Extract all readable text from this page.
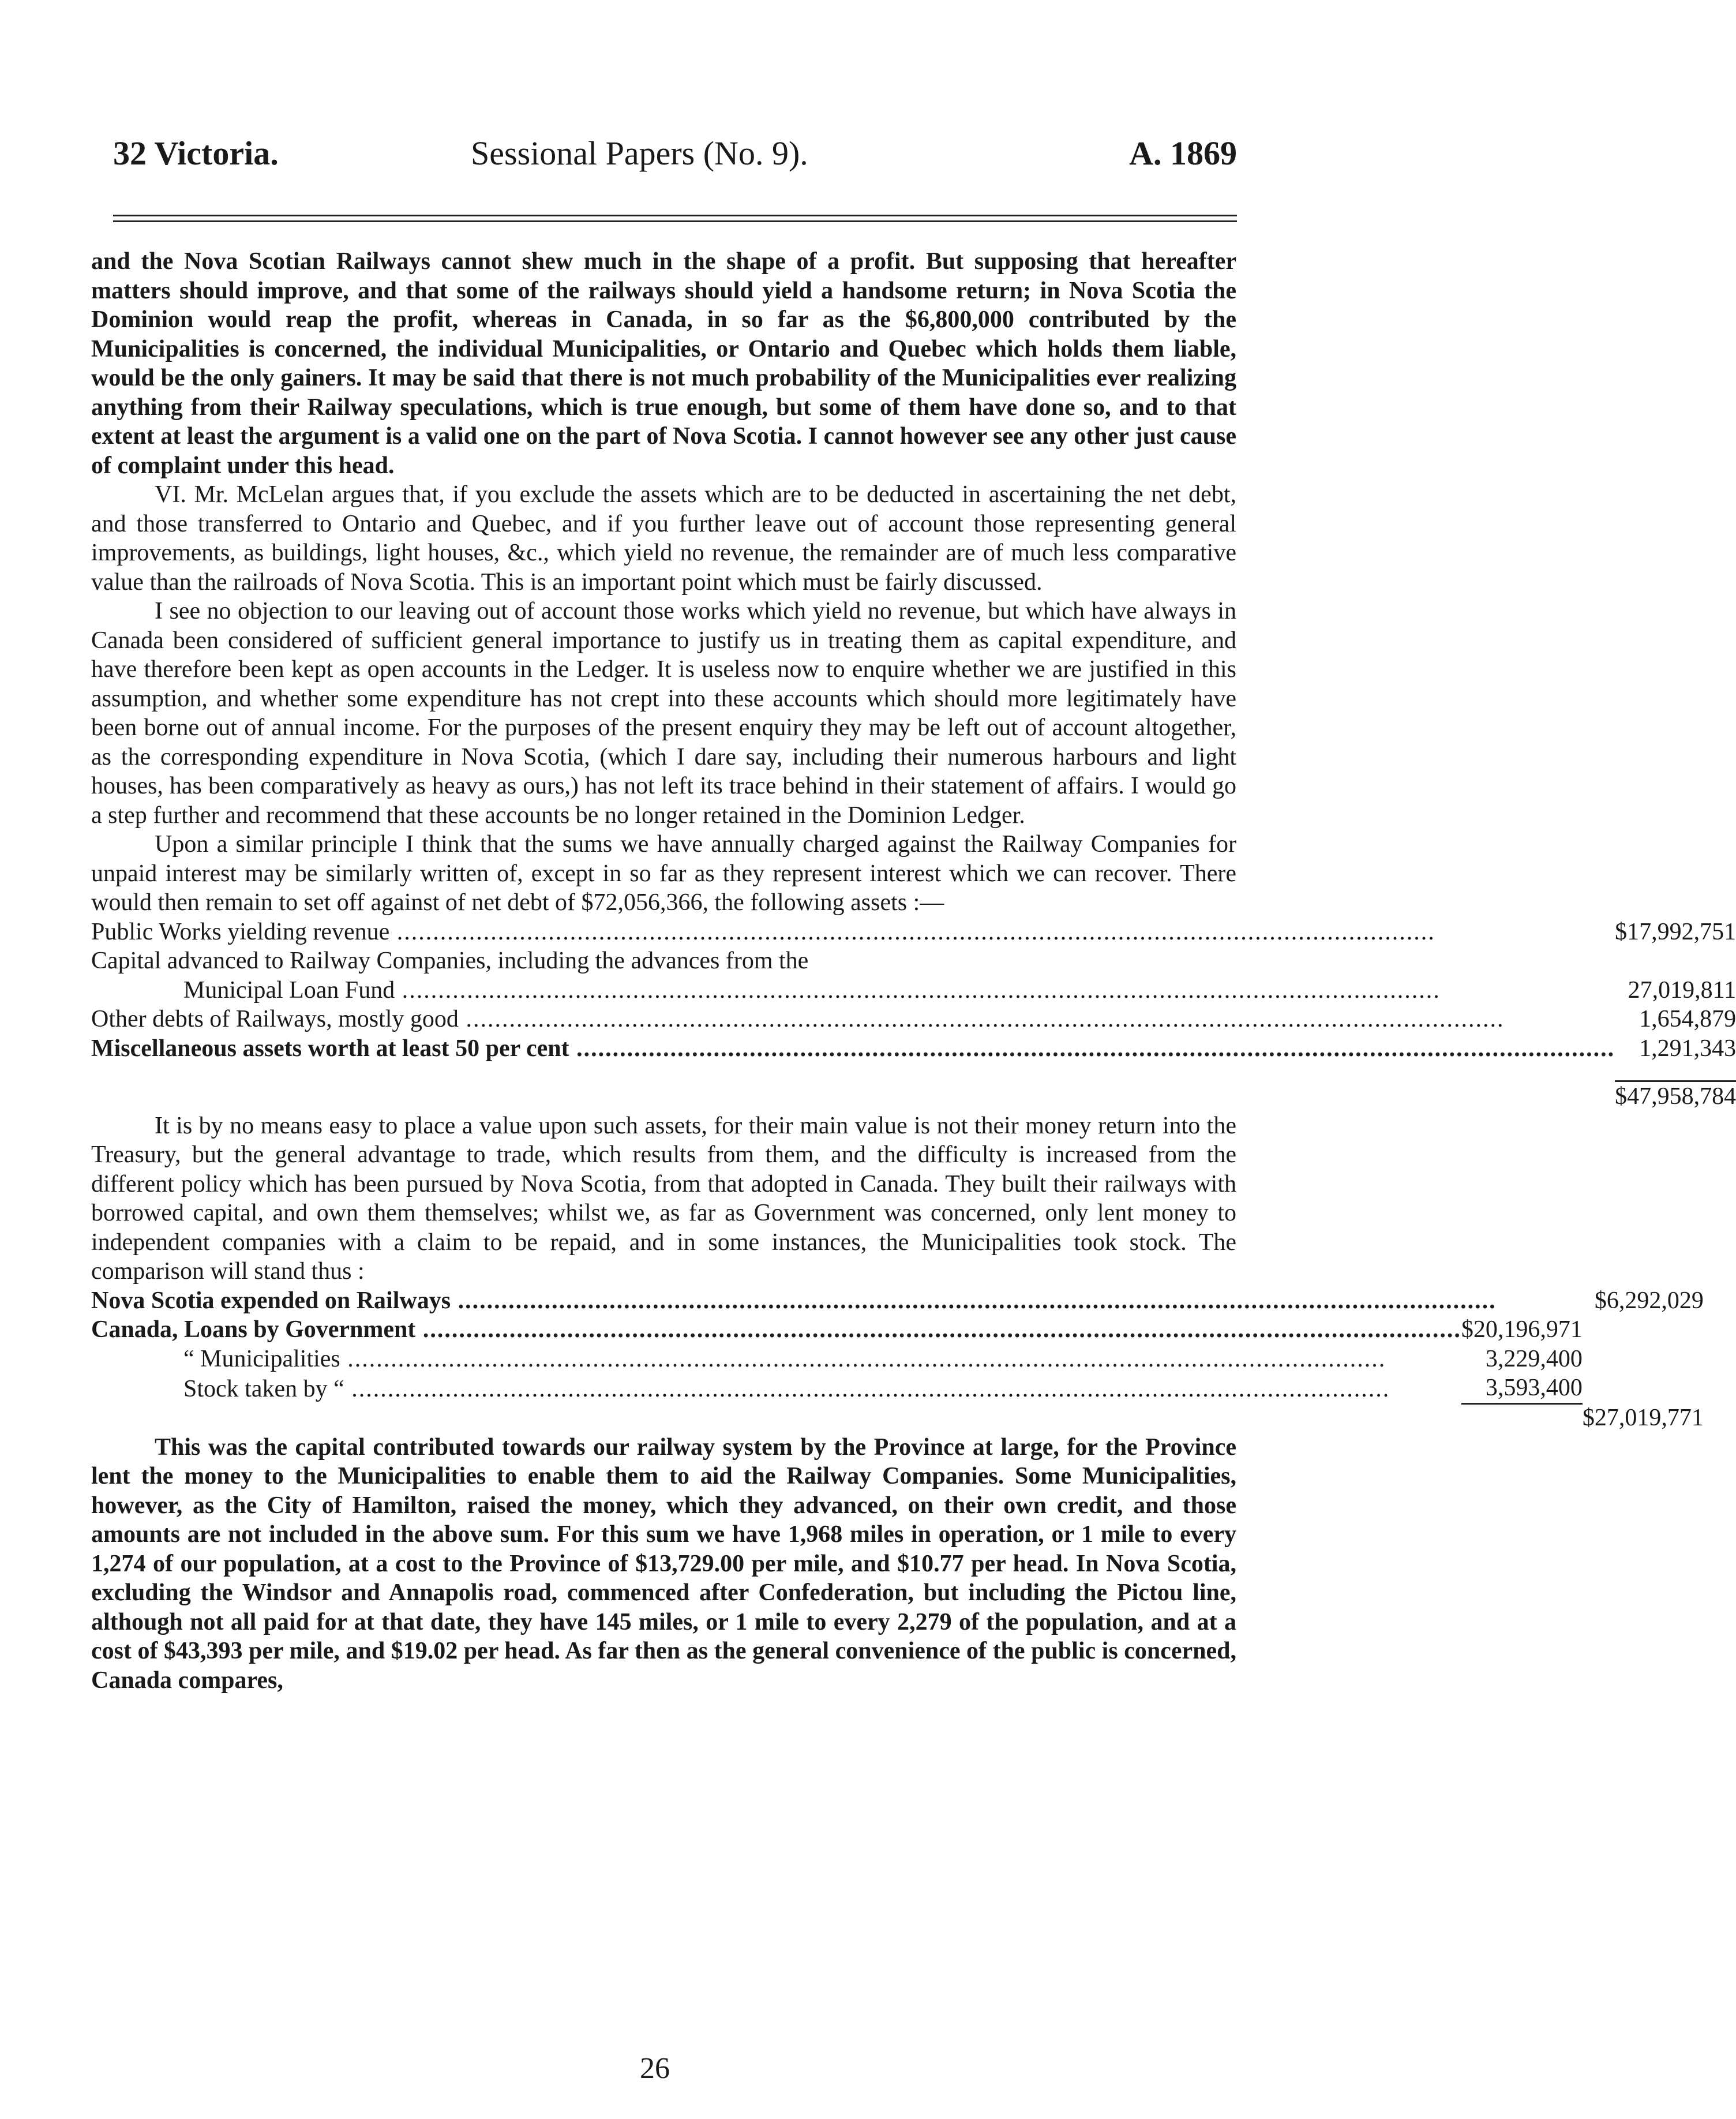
32 Victoria.	Sessional Papers (No. 9).	A. 1869

and the Nova Scotian Railways cannot shew much in the shape of a profit. But supposing that hereafter matters should improve, and that some of the railways should yield a handsome return; in Nova Scotia the Dominion would reap the profit, whereas in Canada, in so far as the $6,800,000 contributed by the Municipalities is concerned, the individual Municipalities, or Ontario and Quebec which holds them liable, would be the only gainers. It may be said that there is not much probability of the Municipalities ever realizing anything from their Railway speculations, which is true enough, but some of them have done so, and to that extent at least the argument is a valid one on the part of Nova Scotia. I cannot however see any other just cause of complaint under this head.

VI. Mr. McLelan argues that, if you exclude the assets which are to be deducted in ascertaining the net debt, and those transferred to Ontario and Quebec, and if you further leave out of account those representing general improvements, as buildings, light houses, &c., which yield no revenue, the remainder are of much less comparative value than the railroads of Nova Scotia. This is an important point which must be fairly discussed.

I see no objection to our leaving out of account those works which yield no revenue, but which have always in Canada been considered of sufficient general importance to justify us in treating them as capital expenditure, and have therefore been kept as open accounts in the Ledger. It is useless now to enquire whether we are justified in this assumption, and whether some expenditure has not crept into these accounts which should more legitimately have been borne out of annual income. For the purposes of the present enquiry they may be left out of account altogether, as the corresponding expenditure in Nova Scotia, (which I dare say, including their numerous harbours and light houses, has been comparatively as heavy as ours,) has not left its trace behind in their statement of affairs. I would go a step further and recommend that these accounts be no longer retained in the Dominion Ledger.

Upon a similar principle I think that the sums we have annually charged against the Railway Companies for unpaid interest may be similarly written of, except in so far as they represent interest which we can recover. There would then remain to set off against of net debt of $72,056,366, the following assets :—

Public Works yielding revenue .....	$17,992,751
Capital advanced to Railway Companies, including the advances from the	
Municipal Loan Fund .....	27,019,811
Other debts of Railways, mostly good .....	1,654,879
Miscellaneous assets worth at least 50 per cent .....	1,291,343

	$47,958,784

It is by no means easy to place a value upon such assets, for their main value is not their money return into the Treasury, but the general advantage to trade, which results from them, and the difficulty is increased from the different policy which has been pursued by Nova Scotia, from that adopted in Canada. They built their railways with borrowed capital, and own them themselves; whilst we, as far as Government was concerned, only lent money to independent companies with a claim to be repaid, and in some instances, the Municipalities took stock. The comparison will stand thus :

Nova Scotia expended on Railways .....		$6,292,029
Canada, Loans by Government .....	$20,196,971	
“ Municipalities .....	3,229,400	
Stock taken by “ .....	3,593,400	
		$27,019,771

This was the capital contributed towards our railway system by the Province at large, for the Province lent the money to the Municipalities to enable them to aid the Railway Companies. Some Municipalities, however, as the City of Hamilton, raised the money, which they advanced, on their own credit, and those amounts are not included in the above sum. For this sum we have 1,968 miles in operation, or 1 mile to every 1,274 of our population, at a cost to the Province of $13,729.00 per mile, and $10.77 per head. In Nova Scotia, excluding the Windsor and Annapolis road, commenced after Confederation, but including the Pictou line, although not all paid for at that date, they have 145 miles, or 1 mile to every 2,279 of the population, and at a cost of $43,393 per mile, and $19.02 per head. As far then as the general convenience of the public is concerned, Canada compares,

26
